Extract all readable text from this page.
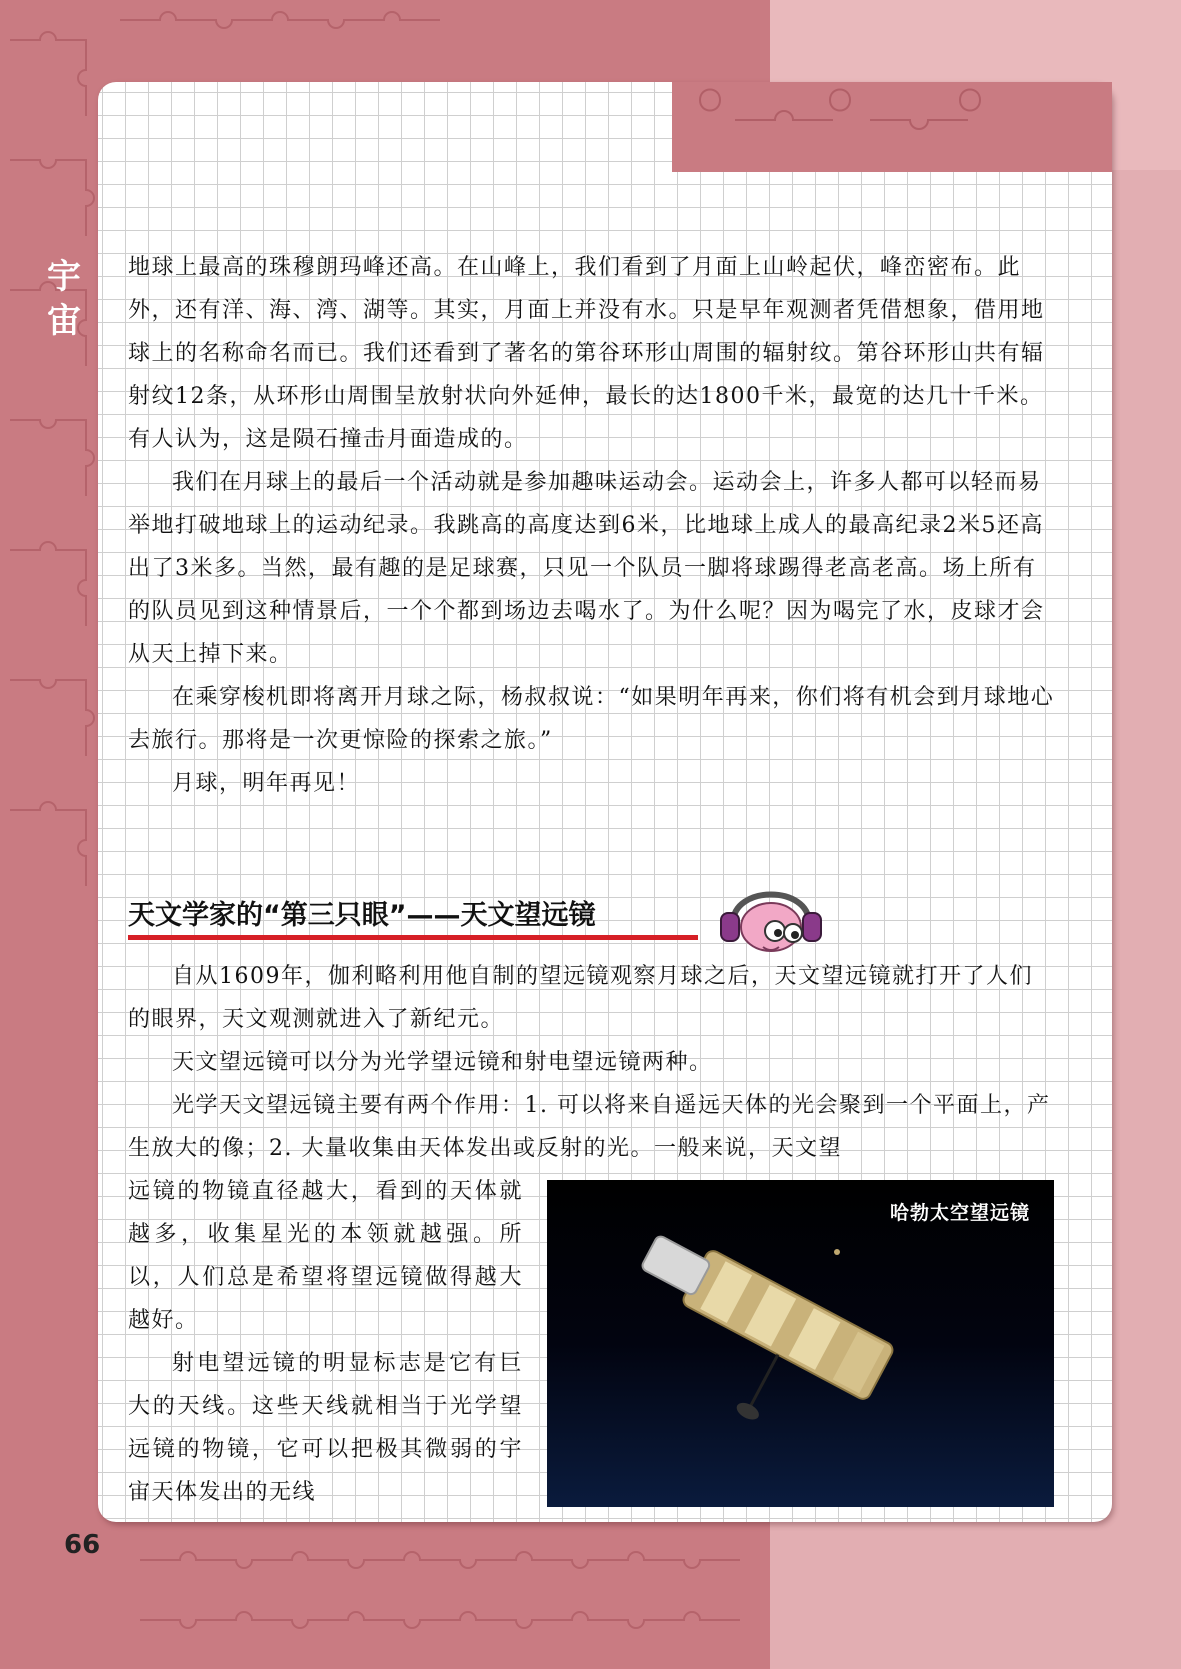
宇
宙

地球上最高的珠穆朗玛峰还高。在山峰上，我们看到了月面上山岭起伏，峰峦密布。此外，还有洋、海、湾、湖等。其实，月面上并没有水。只是早年观测者凭借想象，借用地球上的名称命名而已。我们还看到了著名的第谷环形山周围的辐射纹。第谷环形山共有辐射纹12条，从环形山周围呈放射状向外延伸，最长的达1800千米，最宽的达几十千米。有人认为，这是陨石撞击月面造成的。

我们在月球上的最后一个活动就是参加趣味运动会。运动会上，许多人都可以轻而易举地打破地球上的运动纪录。我跳高的高度达到6米，比地球上成人的最高纪录2米5还高出了3米多。当然，最有趣的是足球赛，只见一个队员一脚将球踢得老高老高。场上所有的队员见到这种情景后，一个个都到场边去喝水了。为什么呢？因为喝完了水，皮球才会从天上掉下来。

在乘穿梭机即将离开月球之际，杨叔叔说：“如果明年再来，你们将有机会到月球地心去旅行。那将是一次更惊险的探索之旅。”

月球，明年再见！

天文学家的“第三只眼”——天文望远镜

自从1609年，伽利略利用他自制的望远镜观察月球之后，天文望远镜就打开了人们的眼界，天文观测就进入了新纪元。

天文望远镜可以分为光学望远镜和射电望远镜两种。

光学天文望远镜主要有两个作用：1. 可以将来自遥远天体的光会聚到一个平面上，产生放大的像；2. 大量收集由天体发出或反射的光。一般来说，天文望

远镜的物镜直径越大，看到的天体就越多，收集星光的本领就越强。所以，人们总是希望将望远镜做得越大越好。

射电望远镜的明显标志是它有巨大的天线。这些天线就相当于光学望远镜的物镜，它可以把极其微弱的宇宙天体发出的无线

哈勃太空望远镜
66
